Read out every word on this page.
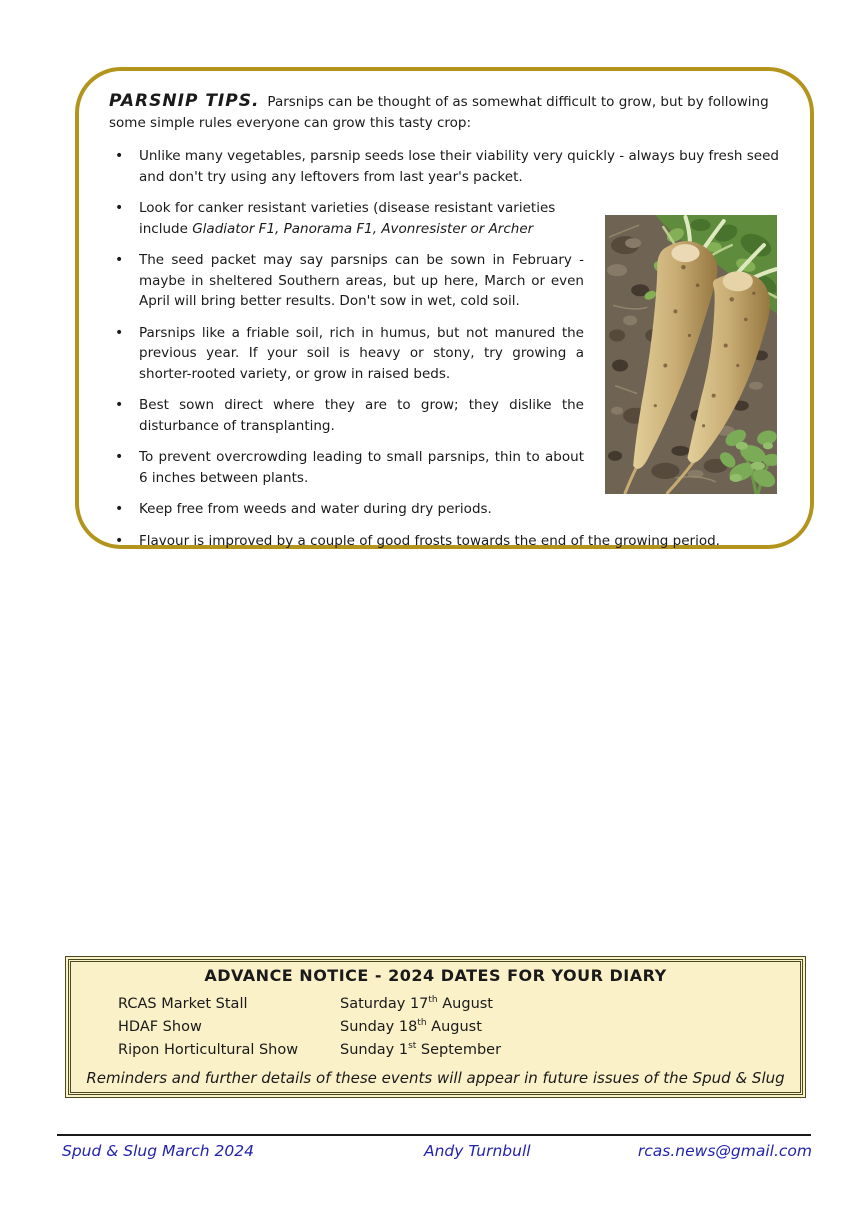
PARSNIP TIPS. Parsnips can be thought of as somewhat difficult to grow, but by following some simple rules everyone can grow this tasty crop:

• Unlike many vegetables, parsnip seeds lose their viability very quickly - always buy fresh seed and don't try using any leftovers from last year's packet.
• Look for canker resistant varieties (disease resistant varieties include Gladiator F1, Panorama F1, Avonresister or Archer
• The seed packet may say parsnips can be sown in February - maybe in sheltered Southern areas, but up here, March or even April will bring better results. Don't sow in wet, cold soil.
• Parsnips like a friable soil, rich in humus, but not manured the previous year. If your soil is heavy or stony, try growing a shorter-rooted variety, or grow in raised beds.
• Best sown direct where they are to grow; they dislike the disturbance of transplanting.
• To prevent overcrowding leading to small parsnips, thin to about 6 inches between plants.
• Keep free from weeds and water during dry periods.
• Flavour is improved by a couple of good frosts towards the end of the growing period.

ADVANCE NOTICE - 2024 DATES FOR YOUR DIARY

RCAS Market Stall	Saturday 17th August
HDAF Show	Sunday 18th August
Ripon Horticultural Show	Sunday 1st September

Reminders and further details of these events will appear in future issues of the Spud & Slug

Spud & Slug March 2024	Andy Turnbull	rcas.news@gmail.com
